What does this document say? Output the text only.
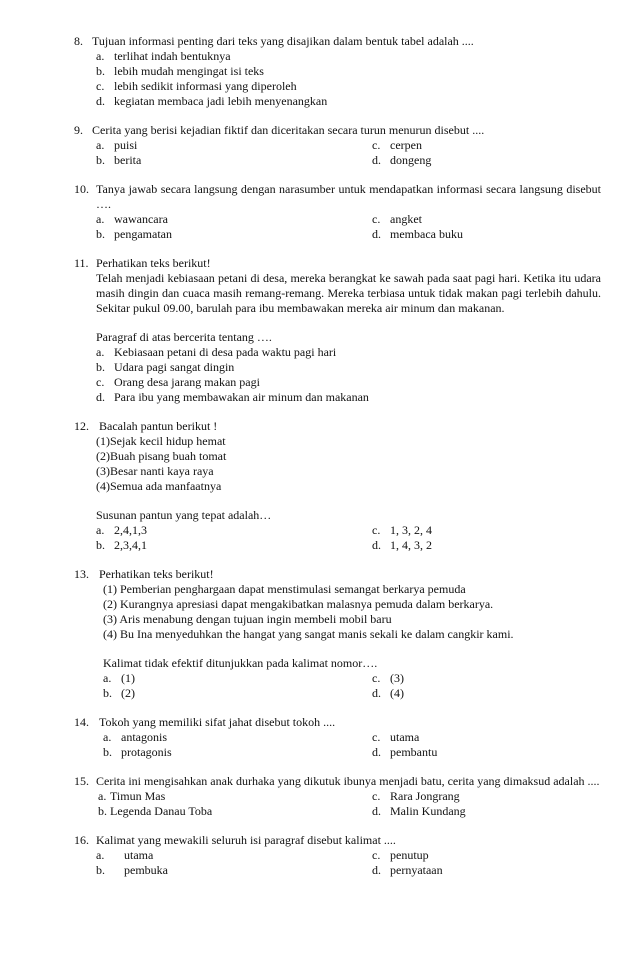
8. Tujuan informasi penting dari teks yang disajikan dalam bentuk tabel adalah ....
a. terlihat indah bentuknya
b. lebih mudah mengingat isi teks
c. lebih sedikit informasi yang diperoleh
d. kegiatan membaca jadi lebih menyenangkan
9. Cerita yang berisi kejadian fiktif dan diceritakan secara turun menurun disebut ....
a. puisi
b. berita
c. cerpen
d. dongeng
10. Tanya jawab secara langsung dengan narasumber untuk mendapatkan informasi secara langsung disebut ….
a. wawancara
b. pengamatan
c. angket
d. membaca buku
11. Perhatikan teks berikut!
Telah menjadi kebiasaan petani di desa, mereka berangkat ke sawah pada saat pagi hari. Ketika itu udara masih dingin dan cuaca masih remang-remang. Mereka terbiasa untuk tidak makan pagi terlebih dahulu. Sekitar pukul 09.00, barulah para ibu membawakan mereka air minum dan makanan.
Paragraf di atas bercerita tentang ….
a. Kebiasaan petani di desa pada waktu pagi hari
b. Udara pagi sangat dingin
c. Orang desa jarang makan pagi
d. Para ibu yang membawakan air minum dan makanan
12. Bacalah pantun berikut !
(1)Sejak kecil hidup hemat
(2)Buah pisang buah tomat
(3)Besar nanti kaya raya
(4)Semua ada manfaatnya
Susunan pantun yang tepat adalah…
a. 2,4,1,3
b. 2,3,4,1
c. 1, 3, 2, 4
d. 1, 4, 3, 2
13. Perhatikan teks berikut!
(1) Pemberian penghargaan dapat menstimulasi semangat berkarya pemuda
(2) Kurangnya apresiasi dapat mengakibatkan malasnya pemuda dalam berkarya.
(3) Aris menabung dengan tujuan ingin membeli mobil baru
(4) Bu Ina menyeduhkan the hangat yang sangat manis sekali ke dalam cangkir kami.
Kalimat tidak efektif ditunjukkan pada kalimat nomor….
a. (1)
b. (2)
c. (3)
d. (4)
14. Tokoh yang memiliki sifat jahat disebut tokoh ....
a. antagonis
b. protagonis
c. utama
d. pembantu
15. Cerita ini mengisahkan anak durhaka yang dikutuk ibunya menjadi batu, cerita yang dimaksud adalah ....
a. Timun Mas
b. Legenda Danau Toba
c. Rara Jongrang
d. Malin Kundang
16. Kalimat yang mewakili seluruh isi paragraf disebut kalimat ....
a. utama
b. pembuka
c. penutup
d. pernyataan
